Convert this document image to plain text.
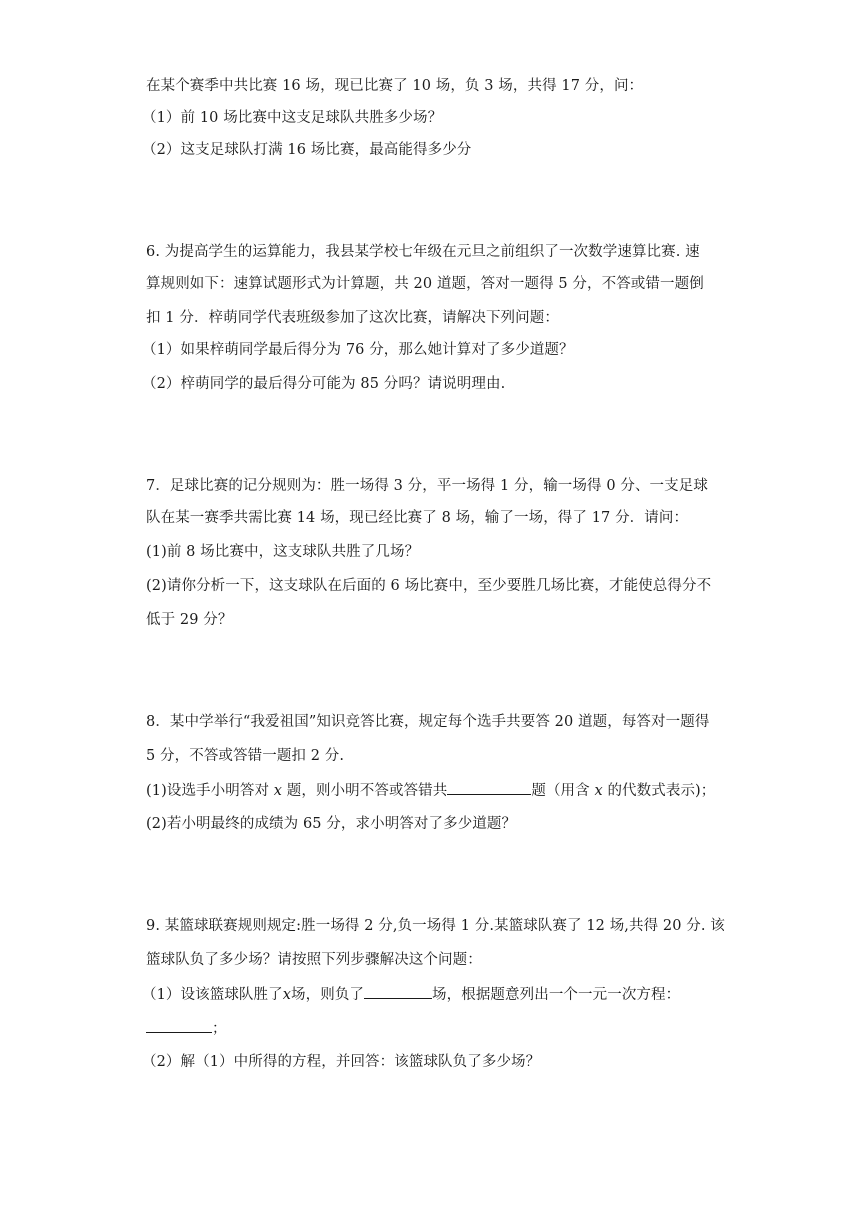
在某个赛季中共比赛 16 场，现已比赛了 10 场，负 3 场，共得 17 分，问：
（1）前 10 场比赛中这支足球队共胜多少场？
（2）这支足球队打满 16 场比赛，最高能得多少分
6. 为提高学生的运算能力，我县某学校七年级在元旦之前组织了一次数学速算比赛. 速
算规则如下：速算试题形式为计算题，共 20 道题，答对一题得 5 分，不答或错一题倒
扣 1 分．梓萌同学代表班级参加了这次比赛，请解决下列问题：
（1）如果梓萌同学最后得分为 76 分，那么她计算对了多少道题？
（2）梓萌同学的最后得分可能为 85 分吗？请说明理由.
7．足球比赛的记分规则为：胜一场得 3 分，平一场得 1 分，输一场得 0 分、一支足球
队在某一赛季共需比赛 14 场，现已经比赛了 8 场，输了一场，得了 17 分．请问：
(1)前 8 场比赛中，这支球队共胜了几场？
(2)请你分析一下，这支球队在后面的 6 场比赛中，至少要胜几场比赛，才能使总得分不
低于 29 分？
8．某中学举行“我爱祖国”知识竞答比赛，规定每个选手共要答 20 道题，每答对一题得
5 分，不答或答错一题扣 2 分.
(1)设选手小明答对 x 题，则小明不答或答错共	题（用含 x 的代数式表示)；
(2)若小明最终的成绩为 65 分，求小明答对了多少道题？
9. 某篮球联赛规则规定:胜一场得 2 分,负一场得 1 分.某篮球队赛了 12 场,共得 20 分. 该
篮球队负了多少场？请按照下列步骤解决这个问题：
（1）设该篮球队胜了x场，则负了	场，根据题意列出一个一元一次方程：
；
（2）解（1）中所得的方程，并回答：该篮球队负了多少场？
